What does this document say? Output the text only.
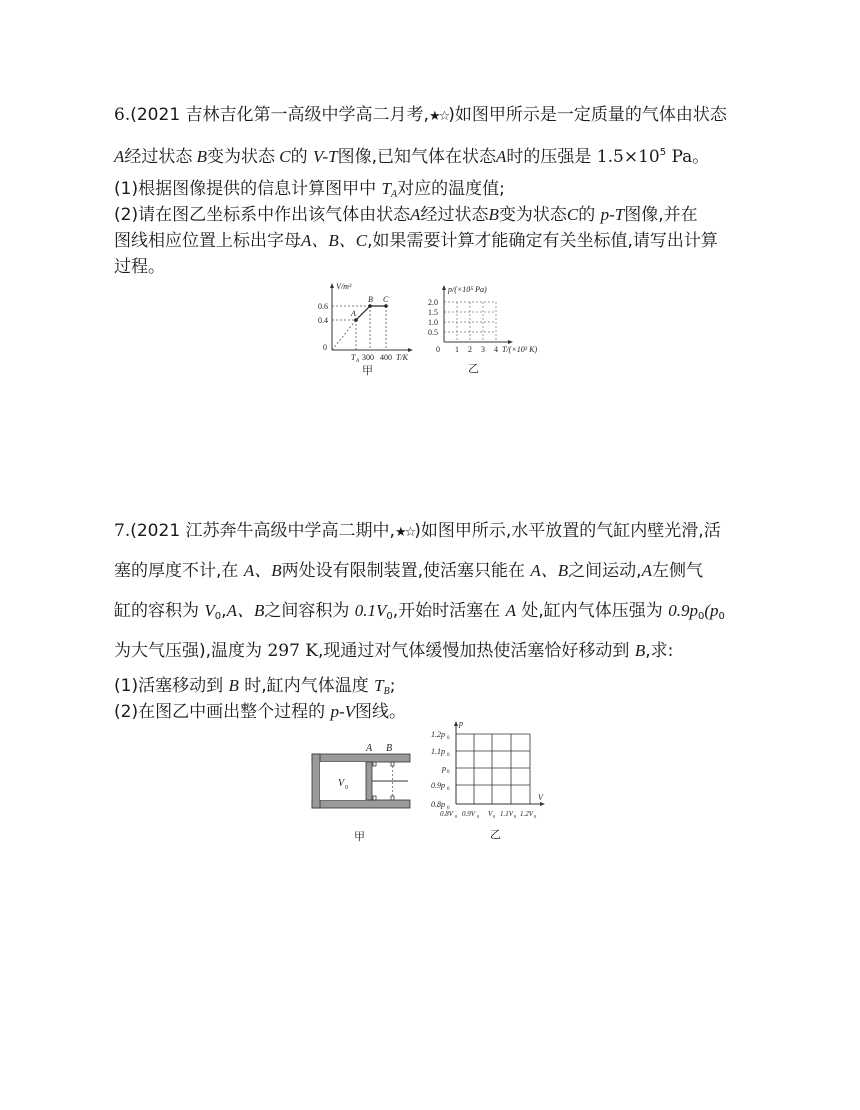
6.(2021 吉林吉化第一高级中学高二月考,★☆)如图甲所示是一定质量的气体由状态
A经过状态 B变为状态 C的 V-T图像,已知气体在状态A时的压强是 $1.5\times 10^5$ Pa。
(1)根据图像提供的信息计算图甲中 $T_A$对应的温度值;
(2)请在图乙坐标系中作出该气体由状态A经过状态B变为状态C的 p-T图像,并在
图线相应位置上标出字母A、B、C,如果需要计算才能确定有关坐标值,请写出计算
过程。
V/m³
0.6
0.4
0
A
B C
T A 300 400 T/K
甲
p/(×10⁵ Pa)
2.0
1.5
1.0
0.5
0 1 2 3 4 T/(×10² K)
乙
7.(2021 江苏奔牛高级中学高二期中,★☆)如图甲所示,水平放置的气缸内壁光滑,活
塞的厚度不计,在 A、B两处设有限制装置,使活塞只能在 A、B之间运动,A左侧气
缸的容积为 $V_0,A$、B之间容积为 $0.1V_0$,开始时活塞在 A 处,缸内气体压强为 $0.9p_0(p_0$
为大气压强),温度为 297 K,现通过对气体缓慢加热使活塞恰好移动到 B,求:
(1)活塞移动到 B 时,缸内气体温度 $T_B$;
(2)在图乙中画出整个过程的 p-V图线。
A B
V 0
甲
p
1.2p 0
1.1p 0
p 0
0.9p 0
0.8p 0
V
0.8V 0 0.9V 0 V 0 1.1V 0 1.2V 0
乙
